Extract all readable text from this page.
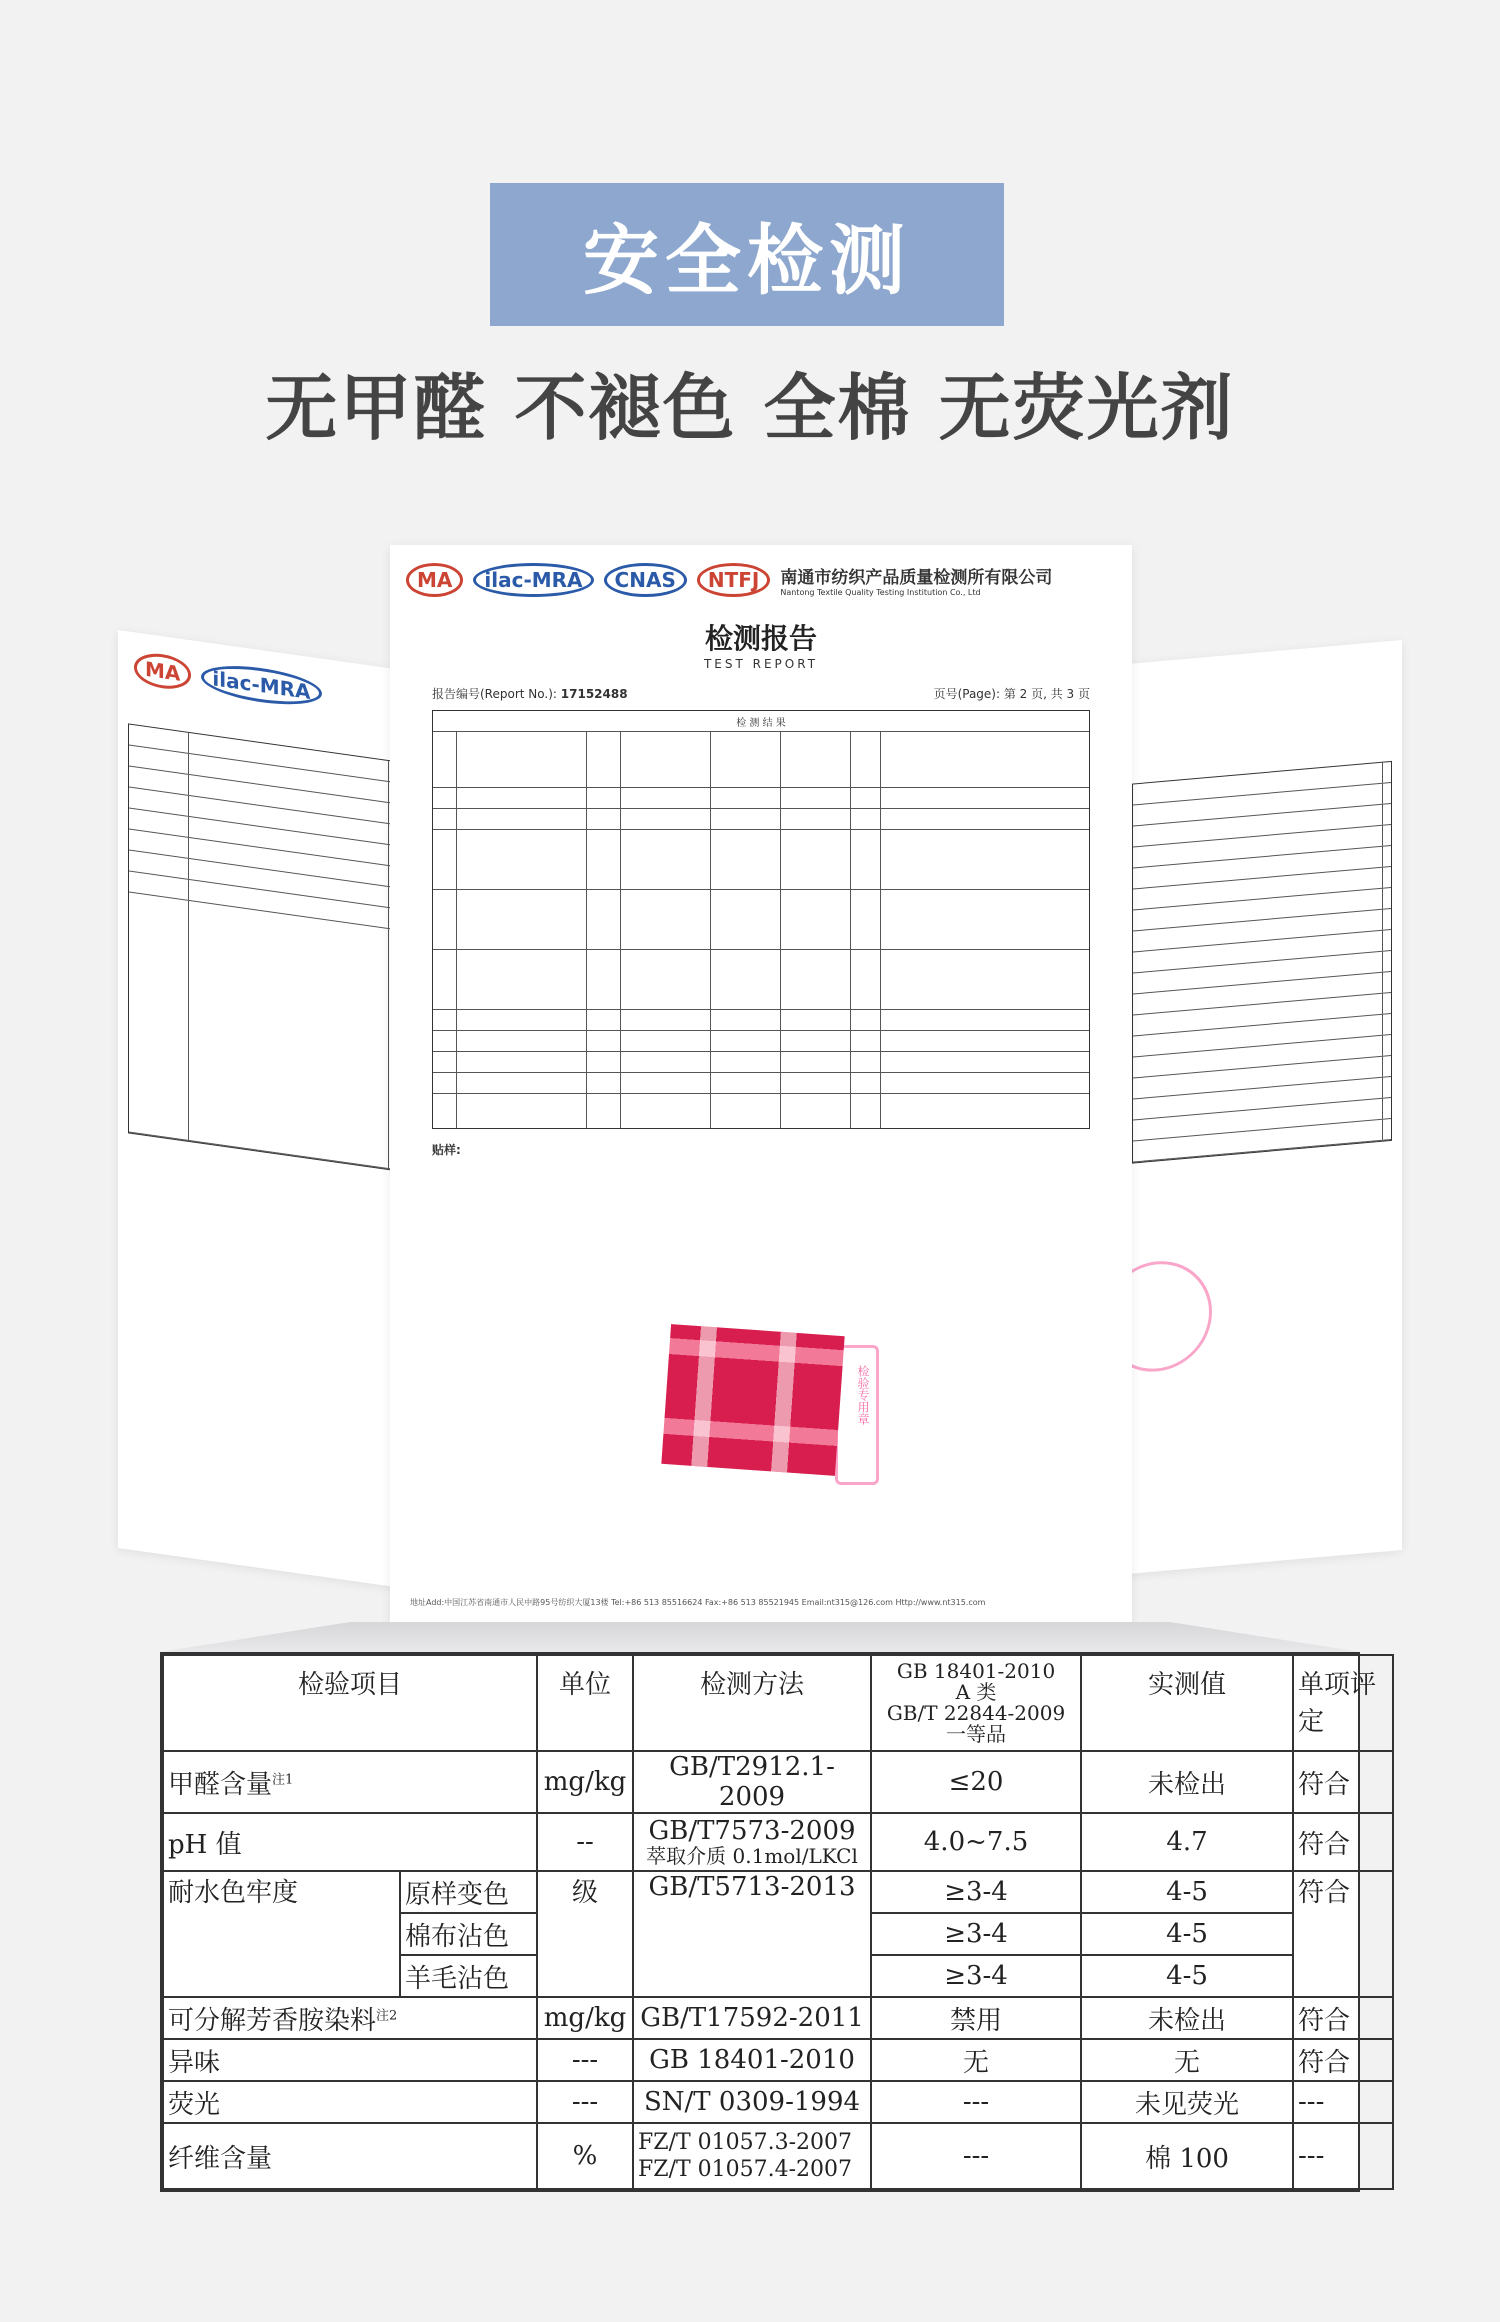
安全检测
无甲醛 不褪色 全棉 无荧光剂
MA	ilac-MRA
MA	ilac-MRA	CNAS	NTFJ	南通市纺织产品质量检测所有限公司
Nantong Textile Quality Testing Institution Co., Ltd
检测报告
TEST REPORT
报告编号(Report No.): 17152488	页号(Page): 第 2 页, 共 3 页
检 测 结 果
贴样:
检验专用章
地址Add:中国江苏省南通市人民中路95号纺织大厦13楼 Tel:+86 513 85516624 Fax:+86 513 85521945 Email:nt315@126.com Http://www.nt315.com
检验项目		单位	检测方法	GB 18401-2010
A 类
GB/T 22844-2009
一等品	实测值	单项评定
甲醛含量$^{注1}$		mg/kg	GB/T2912.1-2009	≤20	未检出	符合
pH 值		--	GB/T7573-2009
萃取介质 0.1mol/LKCl	4.0~7.5	4.7	符合
耐水色牢度	原样变色	级	GB/T5713-2013	≥3-4	4-5	符合
	棉布沾色			≥3-4	4-5	
	羊毛沾色			≥3-4	4-5	
可分解芳香胺染料$^{注2}$		mg/kg	GB/T17592-2011	禁用	未检出	符合
异味		---	GB 18401-2010	无	无	符合
荧光		---	SN/T 0309-1994	---	未见荧光	---
纤维含量		%	FZ/T 01057.3-2007
FZ/T 01057.4-2007	---	棉 100	---
